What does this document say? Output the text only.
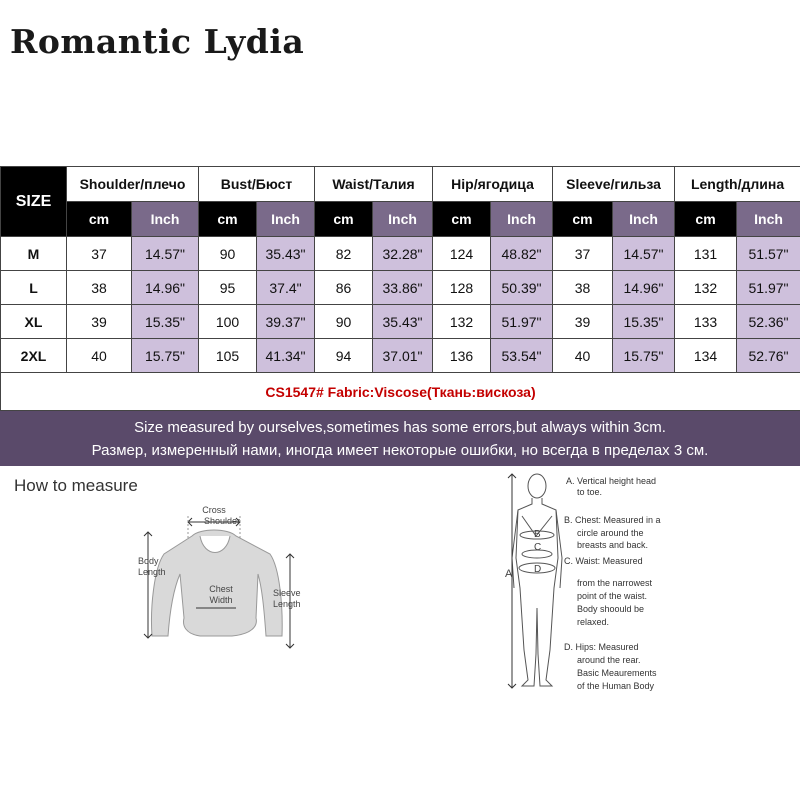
Romantic Lydia
SIZE	Shoulder/плечо		Bust/Бюст		Waist/Талия		Hip/ягодица		Sleeve/гильза		Length/длина	
	cm	Inch	cm	Inch	cm	Inch	cm	Inch	cm	Inch	cm	Inch
M	37	14.57"	90	35.43"	82	32.28"	124	48.82"	37	14.57"	131	51.57"
L	38	14.96"	95	37.4"	86	33.86"	128	50.39"	38	14.96"	132	51.97"
XL	39	15.35"	100	39.37"	90	35.43"	132	51.97"	39	15.35"	133	52.36"
2XL	40	15.75"	105	41.34"	94	37.01"	136	53.54"	40	15.75"	134	52.76"
CS1547# Fabric:Viscose(Ткань:вискоза)												
Size measured by ourselves,sometimes has some errors,but always within 3cm.
Размер, измеренный нами, иногда имеет некоторые ошибки, но всегда в пределах 3 см.
How to measure
Cross
Shoulder
Body
Length
Chest
Width
Sleeve
Length
A
B
C
D
A. Vertical height head
to toe.
B. Chest: Measured in a
circle around the
breasts and back.
C. Waist: Measured
from the narrowest
point of the waist.
Body shoould be
relaxed.
D. Hips: Measured
around the rear.
Basic Meaurements
of the Human Body
